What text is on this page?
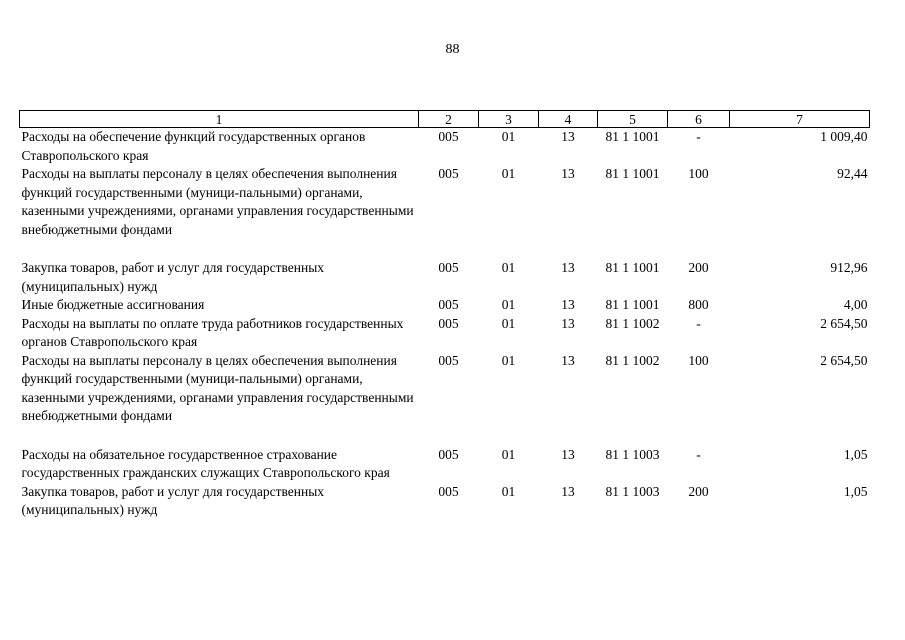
88
1	2	3	4	5	6	7
Расходы на обеспечение функций государственных органов Ставропольского края	005	01	13	81 1 1001	-	1 009,40
Расходы на выплаты персоналу в целях обеспечения выполнения функций государственными (муници-пальными) органами, казенными учреждениями, органами управления государственными внебюджетными фондами	005	01	13	81 1 1001	100	92,44
Закупка товаров, работ и услуг для государственных (муниципальных) нужд	005	01	13	81 1 1001	200	912,96
Иные бюджетные ассигнования	005	01	13	81 1 1001	800	4,00
Расходы на выплаты по оплате труда работников государственных органов Ставропольского края	005	01	13	81 1 1002	-	2 654,50
Расходы на выплаты персоналу в целях обеспечения выполнения функций государственными (муници-пальными) органами, казенными учреждениями, органами управления государственными внебюджетными фондами	005	01	13	81 1 1002	100	2 654,50
Расходы на обязательное государственное страхование государственных гражданских служащих Ставропольского края	005	01	13	81 1 1003	-	1,05
Закупка товаров, работ и услуг для государственных (муниципальных) нужд	005	01	13	81 1 1003	200	1,05
